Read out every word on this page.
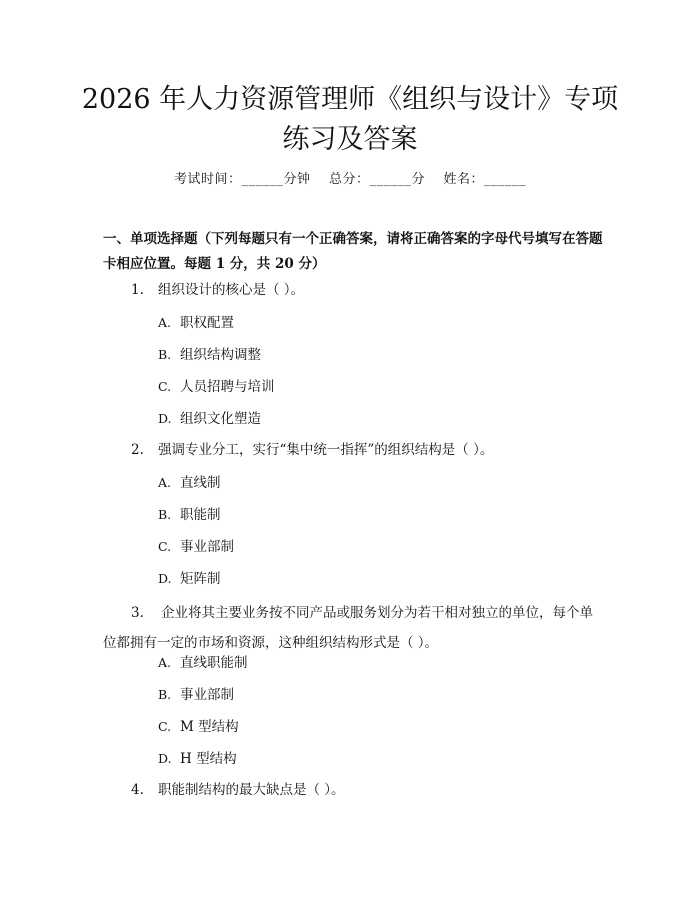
2026 年人力资源管理师《组织与设计》专项
练习及答案
考试时间：______分钟    总分：______分    姓名：______

一、单项选择题（下列每题只有一个正确答案，请将正确答案的字母代号填写在答题卡相应位置。每题 1 分，共 20 分）

1. 组织设计的核心是（ ）。
A. 职权配置
B. 组织结构调整
C. 人员招聘与培训
D. 组织文化塑造
2. 强调专业分工，实行“集中统一指挥”的组织结构是（ ）。
A. 直线制
B. 职能制
C. 事业部制
D. 矩阵制
3. 企业将其主要业务按不同产品或服务划分为若干相对独立的单位，每个单位都拥有一定的市场和资源，这种组织结构形式是（ ）。
A. 直线职能制
B. 事业部制
C. M 型结构
D. H 型结构
4. 职能制结构的最大缺点是（ ）。
